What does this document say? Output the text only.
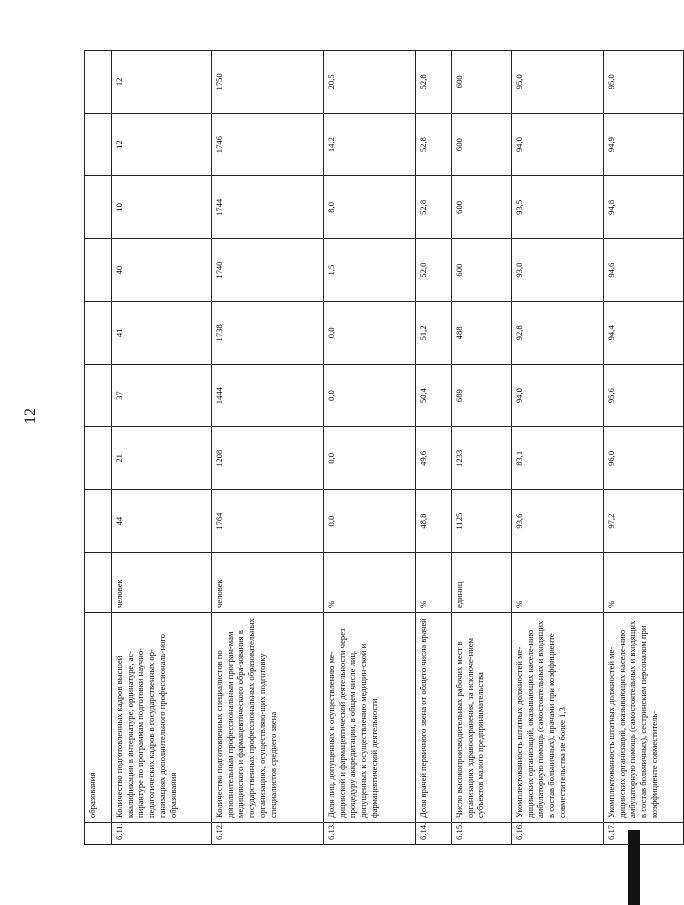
12
	образования									
6.11.	Количество подготовленных кадров высшей квалификации в интернатуре, ординатуре, ас-пирантуре по программам подготовки научно-педагогических кадров в государственных ор-ганизациях дополнительного профессиональ-ного образования	человек	44	21	37	41	40	10	12	12
6.12.	Количество подготовленных специалистов по дополнительным профессиональным програм-мам медицинского и фармацевтического обра-зования в государственных профессиональных образовательных организациях, осуществляю-щих подготовку специалистов среднего звена	человек	1764	1208	1444	1738	1740	1744	1746	1750
6.13.	Доля лиц, допущенных к осуществлению ме-дицинской и фармацевтической деятельности через процедуру аккредитации, в общем числе лиц, допущенных к осуществлению медицин-ской и фармацевтической деятельности	%	0,0	0,0	0,0	0,0	1,5	8,0	14,2	20,5
6.14.	Доля врачей первичного звена от общего числа врачей	%	48,8	49,6	50,4	51,2	52,0	52,8	52,8	52,8
6.15.	Число высокопроизводительных рабочих мест в организациях здравоохранения, за исключе-нием субъектов малого предпринимательства	единиц	1125	1233	689	488	600	600	600	600
6.16.	Укомплектованность штатных должностей ме-дицинских организаций, оказывающих населе-нию амбулаторную помощь (самостоятельных и входящих в состав больничных), врачами при коэффициенте совместительства не более 1,3	%	93,6	83,1	94,0	92,8	93,0	93,5	94,0	95,0
6.17.	Укомплектованность штатных должностей ме-дицинских организаций, оказывающих населе-нию амбулаторную помощь (самостоятельных и входящих в состав больничных), сестринским персоналом при коэффициенте совместитель-	%	97,2	96,0	95,6	94,4	94,6	94,8	94,9	95,0
